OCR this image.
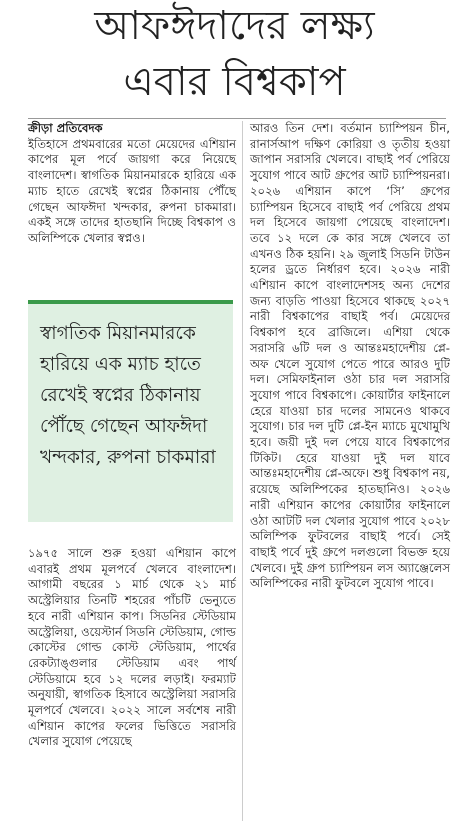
আফঈদাদের লক্ষ্য
এবার বিশ্বকাপ
ক্রীড়া প্রতিবেদক
ইতিহাসে প্রথমবারের মতো মেয়েদের এশিয়ান কাপের মূল পর্বে জায়গা করে নিয়েছে বাংলাদেশ। স্বাগতিক মিয়ানমারকে হারিয়ে এক ম্যাচ হাতে রেখেই স্বপ্নের ঠিকানায় পৌঁছে গেছেন আফঈদা খন্দকার, রুপনা চাকমারা। একই সঙ্গে তাদের হাতছানি দিচ্ছে বিশ্বকাপ ও অলিম্পিকে খেলার স্বপ্নও।
স্বাগতিক মিয়ানমারকে হারিয়ে এক ম্যাচ হাতে রেখেই স্বপ্নের ঠিকানায় পৌঁছে গেছেন আফঈদা খন্দকার, রুপনা চাকমারা
১৯৭৫ সালে শুরু হওয়া এশিয়ান কাপে এবারই প্রথম মূলপর্বে খেলবে বাংলাদেশ। আগামী বছরের ১ মার্চ থেকে ২১ মার্চ অস্ট্রেলিয়ার তিনটি শহরের পাঁচটি ভেন্যুতে হবে নারী এশিয়ান কাপ। সিডনির স্টেডিয়াম অস্ট্রেলিয়া, ওয়েস্টার্ন সিডনি স্টেডিয়াম, গোল্ড কোস্টের গোল্ড কোস্ট স্টেডিয়াম, পার্থের রেকট্যাঙ্গুলার স্টেডিয়াম এবং পার্থ স্টেডিয়ামে হবে ১২ দলের লড়াই। ফরম্যাট অনুযায়ী, স্বাগতিক হিসাবে অস্ট্রেলিয়া সরাসরি মূলপর্বে খেলবে। ২০২২ সালে সর্বশেষ নারী এশিয়ান কাপের ফলের ভিত্তিতে সরাসরি খেলার সুযোগ পেয়েছে
আরও তিন দেশ। বর্তমান চ্যাম্পিয়ন চীন, রানার্সআপ দক্ষিণ কোরিয়া ও তৃতীয় হওয়া জাপান সরাসরি খেলবে। বাছাই পর্ব পেরিয়ে সুযোগ পাবে আট গ্রুপের আট চ্যাম্পিয়নরা। ২০২৬ এশিয়ান কাপে ‘সি’ গ্রুপের চ্যাম্পিয়ন হিসেবে বাছাই পর্ব পেরিয়ে প্রথম দল হিসেবে জায়গা পেয়েছে বাংলাদেশ। তবে ১২ দলে কে কার সঙ্গে খেলবে তা এখনও ঠিক হয়নি। ২৯ জুলাই সিডনি টাউন হলের ড্রতে নির্ধারণ হবে। ২০২৬ নারী এশিয়ান কাপে বাংলাদেশসহ অন্য দেশের জন্য বাড়তি পাওয়া হিসেবে থাকছে ২০২৭ নারী বিশ্বকাপের বাছাই পর্ব। মেয়েদের বিশ্বকাপ হবে ব্রাজিলে। এশিয়া থেকে সরাসরি ৬টি দল ও আন্তঃমহাদেশীয় প্লে-অফ খেলে সুযোগ পেতে পারে আরও দুটি দল। সেমিফাইনাল ওঠা চার দল সরাসরি সুযোগ পাবে বিশ্বকাপে। কোয়ার্টার ফাইনালে হেরে যাওয়া চার দলের সামনেও থাকবে সুযোগ। চার দল দুটি প্লে-ইন ম্যাচে মুখোমুখি হবে। জয়ী দুই দল পেয়ে যাবে বিশ্বকাপের টিকিট। হেরে যাওয়া দুই দল যাবে আন্তঃমহাদেশীয় প্লে-অফে। শুধু বিশ্বকাপ নয়, রয়েছে অলিম্পিকের হাতছানিও। ২০২৬ নারী এশিয়ান কাপের কোয়ার্টার ফাইনালে ওঠা আটটি দল খেলার সুযোগ পাবে ২০২৮ অলিম্পিক ফুটবলের বাছাই পর্বে। সেই বাছাই পর্বে দুই গ্রুপে দলগুলো বিভক্ত হয়ে খেলবে। দুই গ্রুপ চ্যাম্পিয়ন লস অ্যাঞ্জেলেস অলিম্পিকের নারী ফুটবলে সুযোগ পাবে।
